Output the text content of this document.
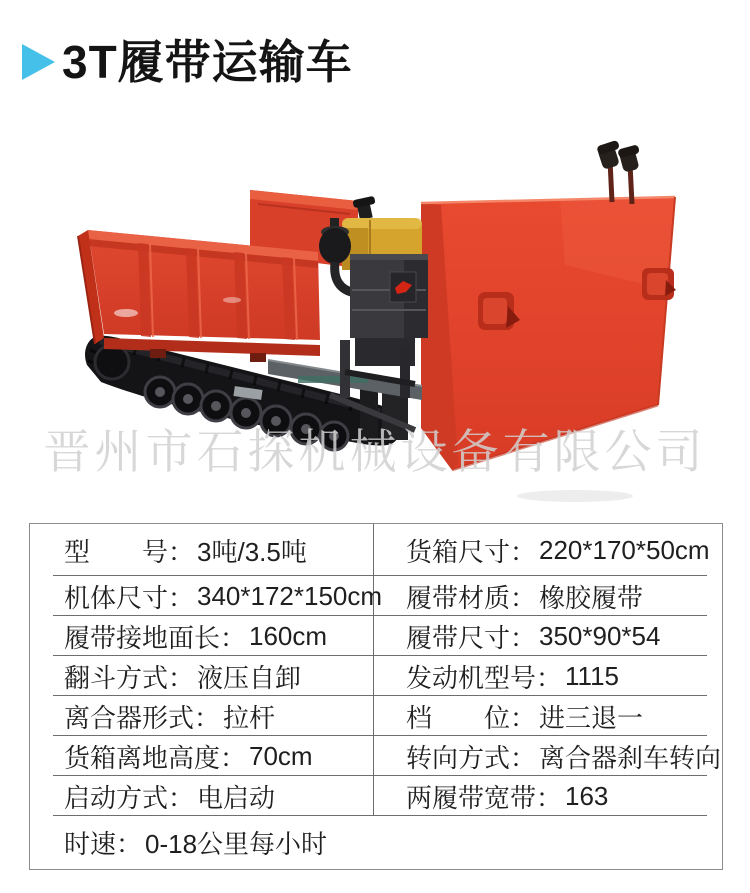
3T履带运输车
晋州市石探机械设备有限公司
型　　号： 3吨/3.5吨	货箱尺寸： 220*170*50cm
机体尺寸： 340*172*150cm 履带材质： 橡胶履带
履带接地面长： 160cm	履带尺寸： 350*90*54
翻斗方式： 液压自卸	发动机型号： 1115
离合器形式： 拉杆	档　　位： 进三退一
货箱离地高度： 70cm	转向方式： 离合器刹车转向
启动方式： 电启动	两履带宽带： 163
时速： 0-18公里每小时
